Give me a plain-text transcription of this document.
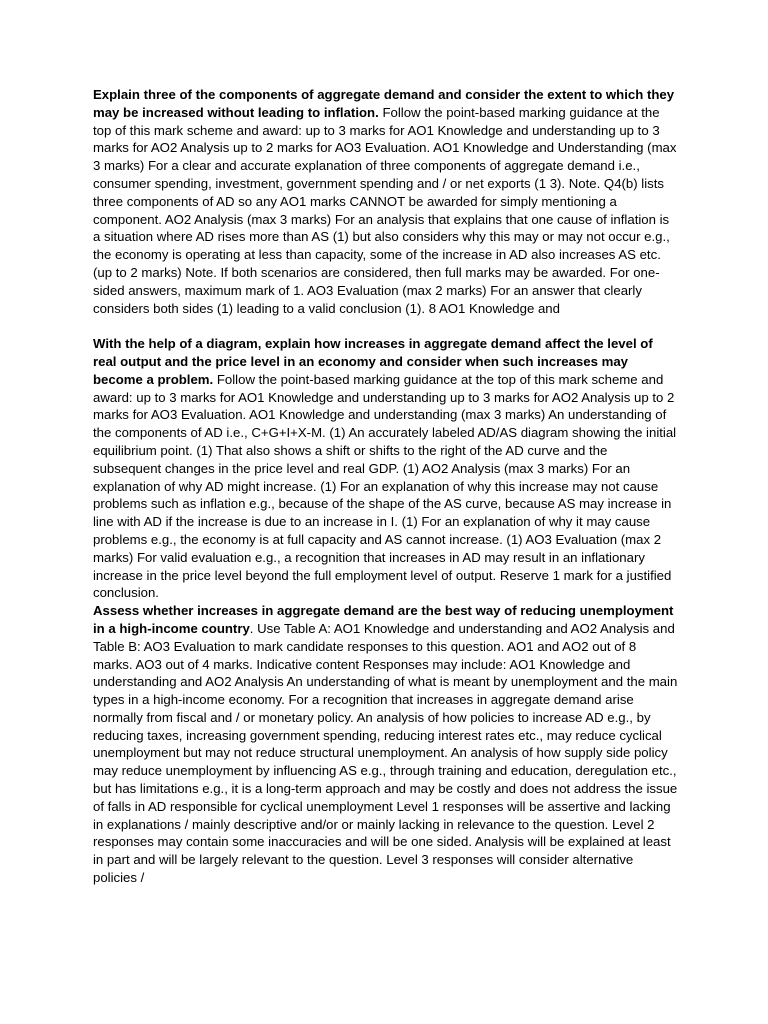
Explain three of the components of aggregate demand and consider the extent to which they may be increased without leading to inflation. Follow the point-based marking guidance at the top of this mark scheme and award: up to 3 marks for AO1 Knowledge and understanding up to 3 marks for AO2 Analysis up to 2 marks for AO3 Evaluation. AO1 Knowledge and Understanding (max 3 marks) For a clear and accurate explanation of three components of aggregate demand i.e., consumer spending, investment, government spending and / or net exports (1 3). Note. Q4(b) lists three components of AD so any AO1 marks CANNOT be awarded for simply mentioning a component. AO2 Analysis (max 3 marks) For an analysis that explains that one cause of inflation is a situation where AD rises more than AS (1) but also considers why this may or may not occur e.g., the economy is operating at less than capacity, some of the increase in AD also increases AS etc. (up to 2 marks) Note. If both scenarios are considered, then full marks may be awarded. For one-sided answers, maximum mark of 1. AO3 Evaluation (max 2 marks) For an answer that clearly considers both sides (1) leading to a valid conclusion (1). 8 AO1 Knowledge and

With the help of a diagram, explain how increases in aggregate demand affect the level of real output and the price level in an economy and consider when such increases may become a problem. Follow the point-based marking guidance at the top of this mark scheme and award: up to 3 marks for AO1 Knowledge and understanding up to 3 marks for AO2 Analysis up to 2 marks for AO3 Evaluation. AO1 Knowledge and understanding (max 3 marks) An understanding of the components of AD i.e., C+G+I+X-M. (1) An accurately labeled AD/AS diagram showing the initial equilibrium point. (1) That also shows a shift or shifts to the right of the AD curve and the subsequent changes in the price level and real GDP. (1) AO2 Analysis (max 3 marks) For an explanation of why AD might increase. (1) For an explanation of why this increase may not cause problems such as inflation e.g., because of the shape of the AS curve, because AS may increase in line with AD if the increase is due to an increase in I. (1) For an explanation of why it may cause problems e.g., the economy is at full capacity and AS cannot increase. (1) AO3 Evaluation (max 2 marks) For valid evaluation e.g., a recognition that increases in AD may result in an inflationary increase in the price level beyond the full employment level of output. Reserve 1 mark for a justified conclusion.

Assess whether increases in aggregate demand are the best way of reducing unemployment in a high-income country. Use Table A: AO1 Knowledge and understanding and AO2 Analysis and Table B: AO3 Evaluation to mark candidate responses to this question. AO1 and AO2 out of 8 marks. AO3 out of 4 marks. Indicative content Responses may include: AO1 Knowledge and understanding and AO2 Analysis An understanding of what is meant by unemployment and the main types in a high-income economy. For a recognition that increases in aggregate demand arise normally from fiscal and / or monetary policy. An analysis of how policies to increase AD e.g., by reducing taxes, increasing government spending, reducing interest rates etc., may reduce cyclical unemployment but may not reduce structural unemployment. An analysis of how supply side policy may reduce unemployment by influencing AS e.g., through training and education, deregulation etc., but has limitations e.g., it is a long-term approach and may be costly and does not address the issue of falls in AD responsible for cyclical unemployment Level 1 responses will be assertive and lacking in explanations / mainly descriptive and/or or mainly lacking in relevance to the question. Level 2 responses may contain some inaccuracies and will be one sided. Analysis will be explained at least in part and will be largely relevant to the question. Level 3 responses will consider alternative policies /
